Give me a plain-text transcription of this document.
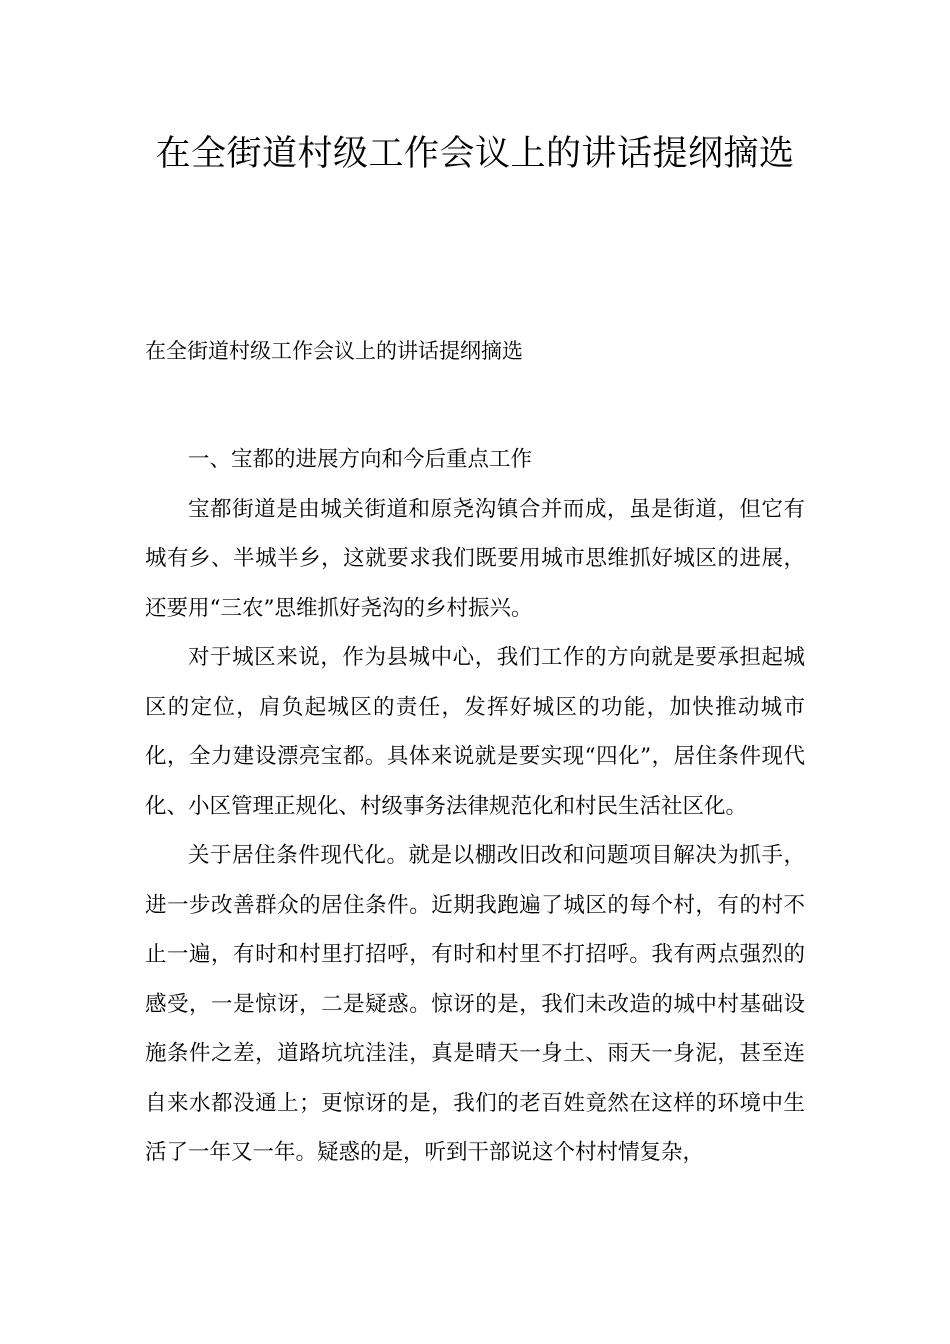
在全街道村级工作会议上的讲话提纲摘选

在全街道村级工作会议上的讲话提纲摘选

一、宝都的进展方向和今后重点工作

宝都街道是由城关街道和原尧沟镇合并而成，虽是街道，但它有城有乡、半城半乡，这就要求我们既要用城市思维抓好城区的进展，还要用“三农”思维抓好尧沟的乡村振兴。

对于城区来说，作为县城中心，我们工作的方向就是要承担起城区的定位，肩负起城区的责任，发挥好城区的功能，加快推动城市化，全力建设漂亮宝都。具体来说就是要实现“四化”，居住条件现代化、小区管理正规化、村级事务法律规范化和村民生活社区化。

关于居住条件现代化。就是以棚改旧改和问题项目解决为抓手，进一步改善群众的居住条件。近期我跑遍了城区的每个村，有的村不止一遍，有时和村里打招呼，有时和村里不打招呼。我有两点强烈的感受，一是惊讶，二是疑惑。惊讶的是，我们未改造的城中村基础设施条件之差，道路坑坑洼洼，真是晴天一身土、雨天一身泥，甚至连自来水都没通上；更惊讶的是，我们的老百姓竟然在这样的环境中生活了一年又一年。疑惑的是，听到干部说这个村村情复杂，
